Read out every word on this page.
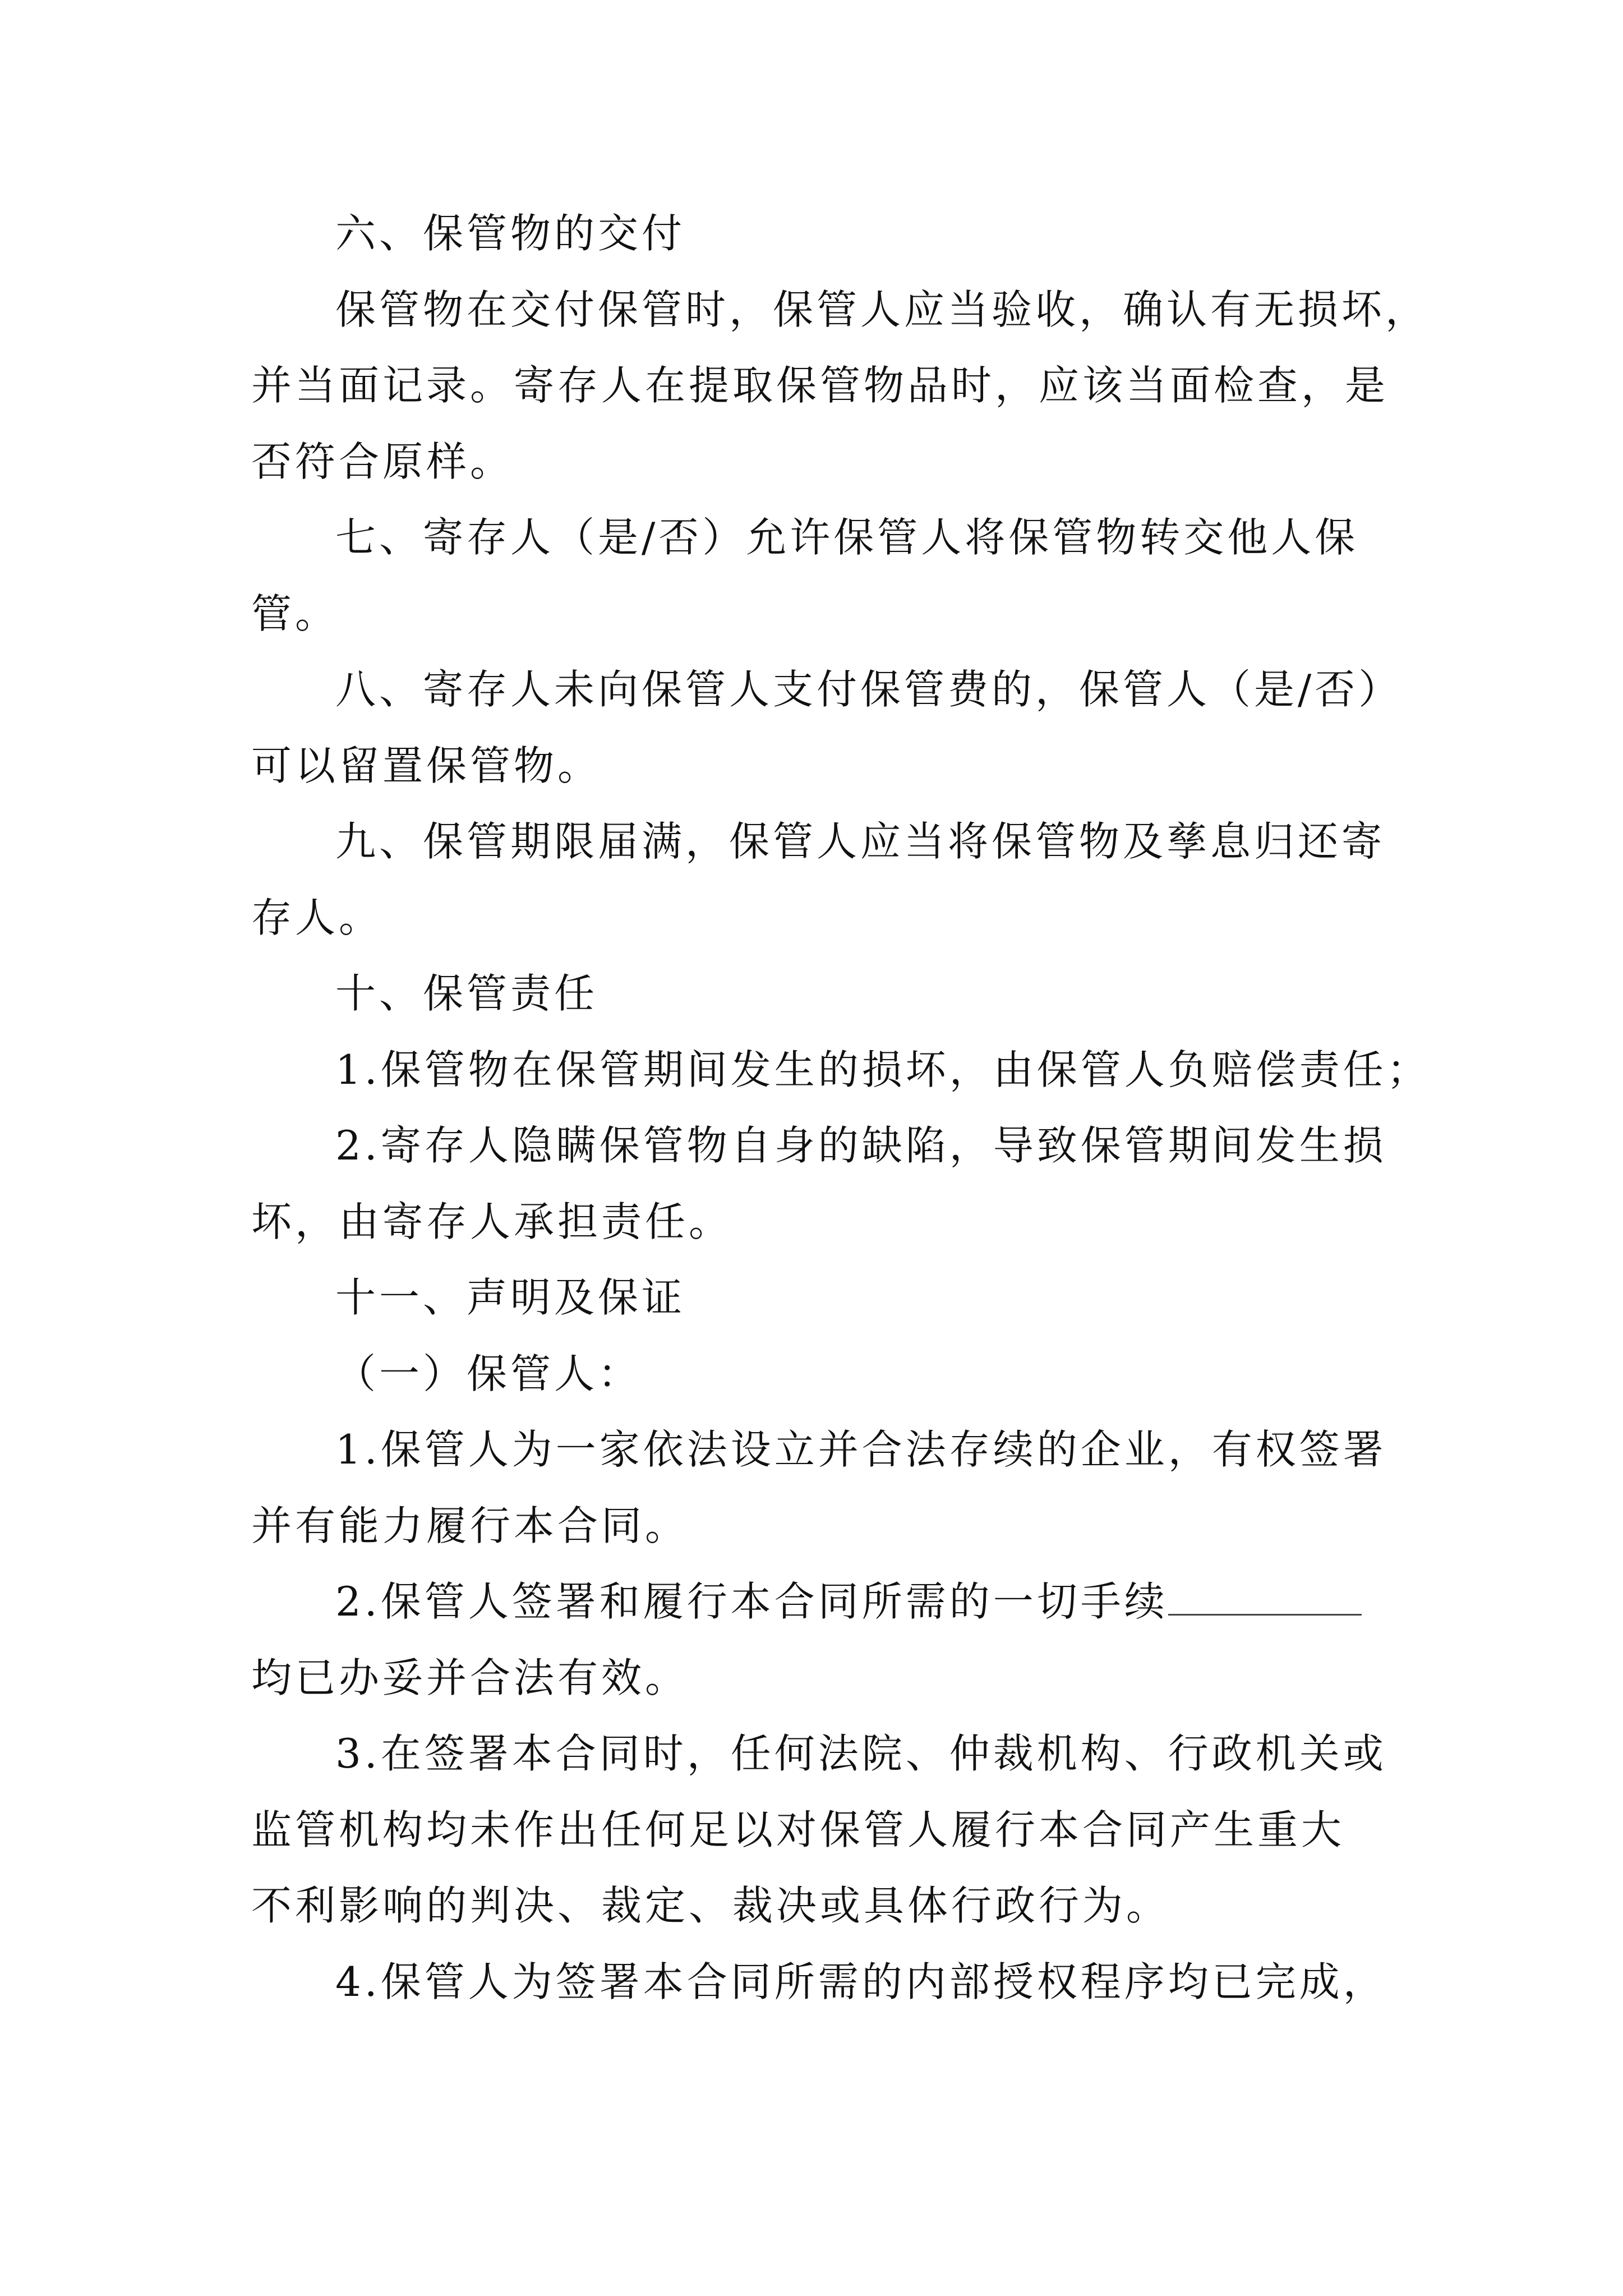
六、保管物的交付
保管物在交付保管时，保管人应当验收，确认有无损坏，
并当面记录。寄存人在提取保管物品时，应该当面检查，是
否符合原样。
七、寄存人（是/否）允许保管人将保管物转交他人保
管。
八、寄存人未向保管人支付保管费的，保管人（是/否）
可以留置保管物。
九、保管期限届满，保管人应当将保管物及孳息归还寄
存人。
十、保管责任
1.保管物在保管期间发生的损坏，由保管人负赔偿责任；
2.寄存人隐瞒保管物自身的缺陷，导致保管期间发生损
坏，由寄存人承担责任。
十一、声明及保证
（一）保管人：
1.保管人为一家依法设立并合法存续的企业，有权签署
并有能力履行本合同。
2.保管人签署和履行本合同所需的一切手续
均已办妥并合法有效。
3.在签署本合同时，任何法院、仲裁机构、行政机关或
监管机构均未作出任何足以对保管人履行本合同产生重大
不利影响的判决、裁定、裁决或具体行政行为。
4.保管人为签署本合同所需的内部授权程序均已完成，
